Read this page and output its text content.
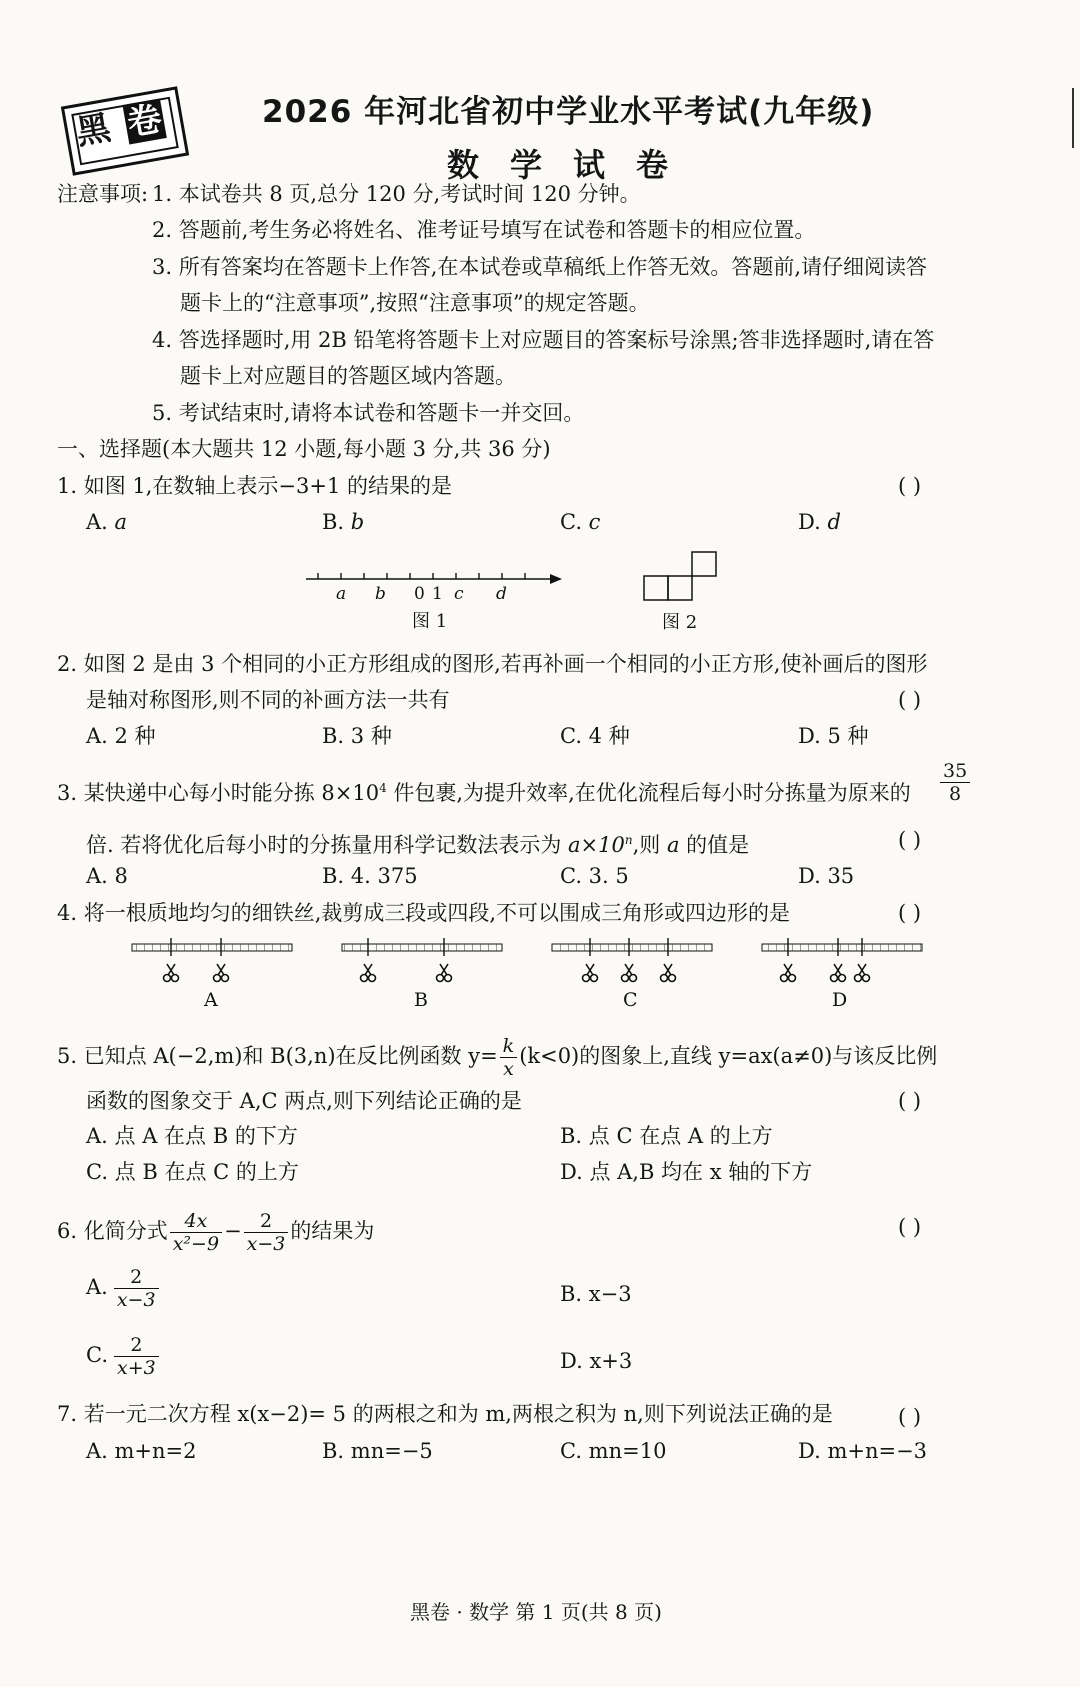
黑 卷	2026 年河北省初中学业水平考试(九年级)
数学试卷
注意事项: 1. 本试卷共 8 页,总分 120 分,考试时间 120 分钟。
2. 答题前,考生务必将姓名、准考证号填写在试卷和答题卡的相应位置。
3. 所有答案均在答题卡上作答,在本试卷或草稿纸上作答无效。答题前,请仔细阅读答
题卡上的“注意事项”,按照“注意事项”的规定答题。
4. 答选择题时,用 2B 铅笔将答题卡上对应题目的答案标号涂黑;答非选择题时,请在答
题卡上对应题目的答题区域内答题。
5. 考试结束时,请将本试卷和答题卡一并交回。
一、选择题(本大题共 12 小题,每小题 3 分,共 36 分)
1. 如图 1,在数轴上表示−3+1 的结果的是	( )
A. a	B. b	C. c	D. d
a b 0 1 c d
图 1	图 2
2. 如图 2 是由 3 个相同的小正方形组成的图形,若再补画一个相同的小正方形,使补画后的图形
是轴对称图形,则不同的补画方法一共有	( )
A. 2 种	B. 3 种	C. 4 种	D. 5 种
3. 某快递中心每小时能分拣 $8\times 10^4$ 件包裹,为提升效率,在优化流程后每小时分拣量为原来的 $\frac{35}{8}$
倍. 若将优化后每小时的分拣量用科学记数法表示为 $a\times 10^n$,则 a 的值是	( )
A. 8	B. 4. 375	C. 3. 5	D. 35
4. 将一根质地均匀的细铁丝,裁剪成三段或四段,不可以围成三角形或四边形的是	( )
A	B	C	D
5. 已知点 A(−2,m)和 B(3,n)在反比例函数 $y= \frac{k}{x} (k<0)$的图象上,直线 y=ax(a≠0)与该反比例
函数的图象交于 A,C 两点,则下列结论正确的是	( )
A. 点 A 在点 B 的下方	B. 点 C 在点 A 的上方
C. 点 B 在点 C 的上方	D. 点 A,B 均在 x 轴的下方
6. 化简分式 $\frac{4x}{\text{x²−9}} - \frac{2}{x-3}$ 的结果为	( )
A. $\frac{2}{x-3}$	B. x−3
C. $\frac{2}{x+3}$	D. x+3
7. 若一元二次方程 x(x−2)= 5 的两根之和为 m,两根之积为 n,则下列说法正确的是	( )
A. m+n=2	B. mn=−5	C. mn=10	D. m+n=−3
黑卷 · 数学 第 1 页(共 8 页)
